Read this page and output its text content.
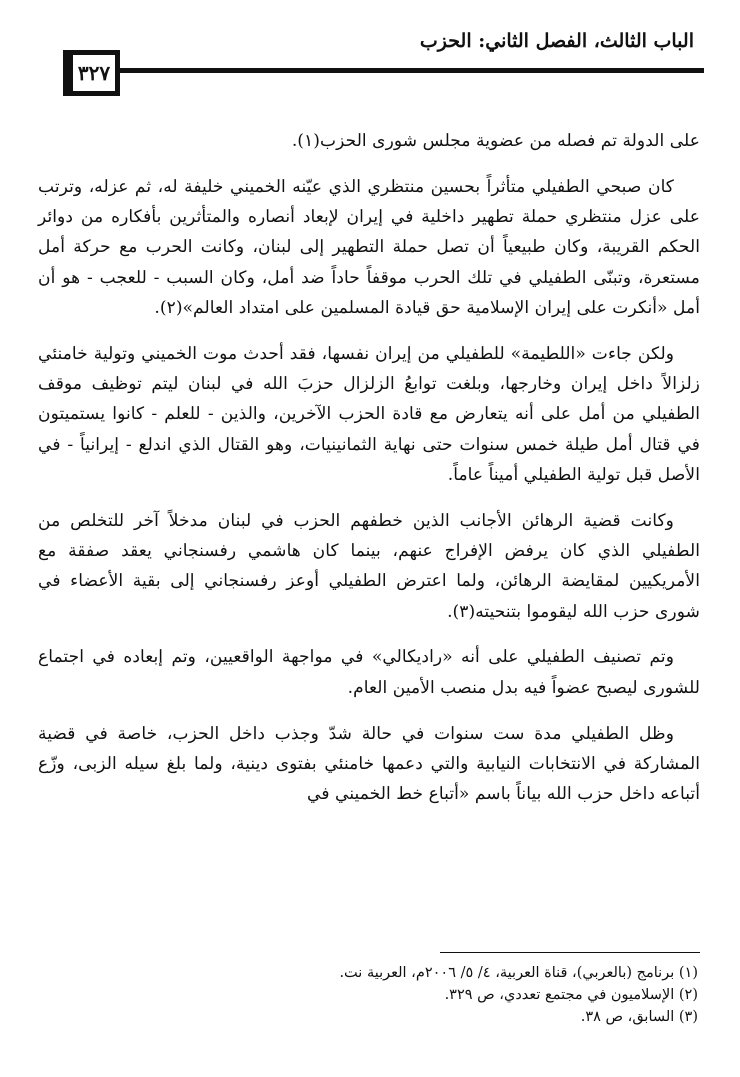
الباب الثالث، الفصل الثاني: الحزب
٣٢٧

على الدولة تم فصله من عضوية مجلس شورى الحزب(١).

كان صبحي الطفيلي متأثراً بحسين منتظري الذي عيّنه الخميني خليفة له، ثم عزله، وترتب على عزل منتظري حملة تطهير داخلية في إيران لإبعاد أنصاره والمتأثرين بأفكاره من دوائر الحكم القريبة، وكان طبيعياً أن تصل حملة التطهير إلى لبنان، وكانت الحرب مع حركة أمل مستعرة، وتبنّى الطفيلي في تلك الحرب موقفاً حاداً ضد أمل، وكان السبب - للعجب - هو أن أمل «أنكرت على إيران الإسلامية حق قيادة المسلمين على امتداد العالم»(٢).

ولكن جاءت «اللطيمة» للطفيلي من إيران نفسها، فقد أحدث موت الخميني وتولية خامنئي زلزالاً داخل إيران وخارجها، وبلغت توابعُ الزلزال حزبَ الله في لبنان ليتم توظيف موقف الطفيلي من أمل على أنه يتعارض مع قادة الحزب الآخرين، والذين - للعلم - كانوا يستميتون في قتال أمل طيلة خمس سنوات حتى نهاية الثمانينيات، وهو القتال الذي اندلع - إيرانياً - في الأصل قبل تولية الطفيلي أميناً عاماً.

وكانت قضية الرهائن الأجانب الذين خطفهم الحزب في لبنان مدخلاً آخر للتخلص من الطفيلي الذي كان يرفض الإفراج عنهم، بينما كان هاشمي رفسنجاني يعقد صفقة مع الأمريكيين لمقايضة الرهائن، ولما اعترض الطفيلي أوعز رفسنجاني إلى بقية الأعضاء في شورى حزب الله ليقوموا بتنحيته(٣).

وتم تصنيف الطفيلي على أنه «راديكالي» في مواجهة الواقعيين، وتم إبعاده في اجتماع للشورى ليصبح عضواً فيه بدل منصب الأمين العام.

وظل الطفيلي مدة ست سنوات في حالة شدّ وجذب داخل الحزب، خاصة في قضية المشاركة في الانتخابات النيابية والتي دعمها خامنئي بفتوى دينية، ولما بلغ سيله الزبى، وزّع أتباعه داخل حزب الله بياناً باسم «أتباع خط الخميني في

(١) برنامج (بالعربي)، قناة العربية، ٤/ ٥/ ٢٠٠٦م، العربية نت.
(٢) الإسلاميون في مجتمع تعددي، ص ٣٢٩.
(٣) السابق، ص ٣٨.
